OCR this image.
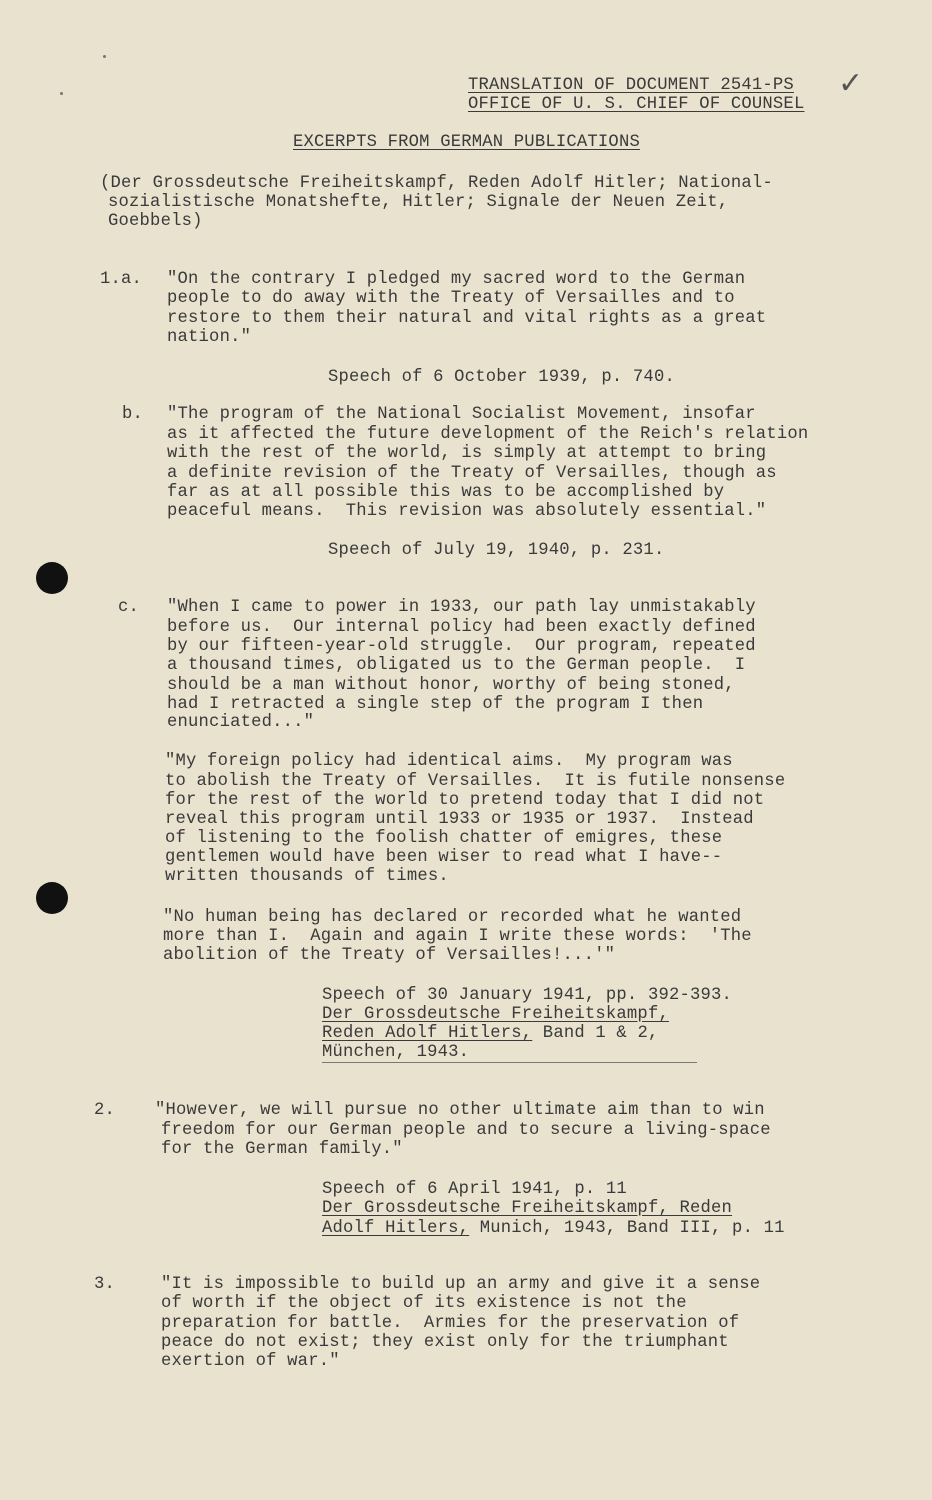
TRANSLATION OF DOCUMENT 2541-PS
OFFICE OF U. S. CHIEF OF COUNSEL
✓
EXCERPTS FROM GERMAN PUBLICATIONS
(Der Grossdeutsche Freiheitskampf, Reden Adolf Hitler; National-
sozialistische Monatshefte, Hitler; Signale der Neuen Zeit,
Goebbels)
1.a. "On the contrary I pledged my sacred word to the German
people to do away with the Treaty of Versailles and to
restore to them their natural and vital rights as a great
nation."
Speech of 6 October 1939, p. 740.
b. "The program of the National Socialist Movement, insofar
as it affected the future development of the Reich's relation
with the rest of the world, is simply at attempt to bring
a definite revision of the Treaty of Versailles, though as
far as at all possible this was to be accomplished by
peaceful means.  This revision was absolutely essential."
Speech of July 19, 1940, p. 231.
c. "When I came to power in 1933, our path lay unmistakably
before us.  Our internal policy had been exactly defined
by our fifteen-year-old struggle.  Our program, repeated
a thousand times, obligated us to the German people.  I
should be a man without honor, worthy of being stoned,
had I retracted a single step of the program I then
enunciated..."
"My foreign policy had identical aims.  My program was
to abolish the Treaty of Versailles.  It is futile nonsense
for the rest of the world to pretend today that I did not
reveal this program until 1933 or 1935 or 1937.  Instead
of listening to the foolish chatter of emigres, these
gentlemen would have been wiser to read what I have--
written thousands of times.
"No human being has declared or recorded what he wanted
more than I.  Again and again I write these words:  'The
abolition of the Treaty of Versailles!...'"
Speech of 30 January 1941, pp. 392-393.
Der Grossdeutsche Freiheitskampf,
Reden Adolf Hitlers, Band 1 & 2,
München, 1943.
2. "However, we will pursue no other ultimate aim than to win
freedom for our German people and to secure a living-space
for the German family."
Speech of 6 April 1941, p. 11
Der Grossdeutsche Freiheitskampf, Reden
Adolf Hitlers, Munich, 1943, Band III, p. 11
3.	"It is impossible to build up an army and give it a sense
of worth if the object of its existence is not the
preparation for battle.  Armies for the preservation of
peace do not exist; they exist only for the triumphant
exertion of war."
